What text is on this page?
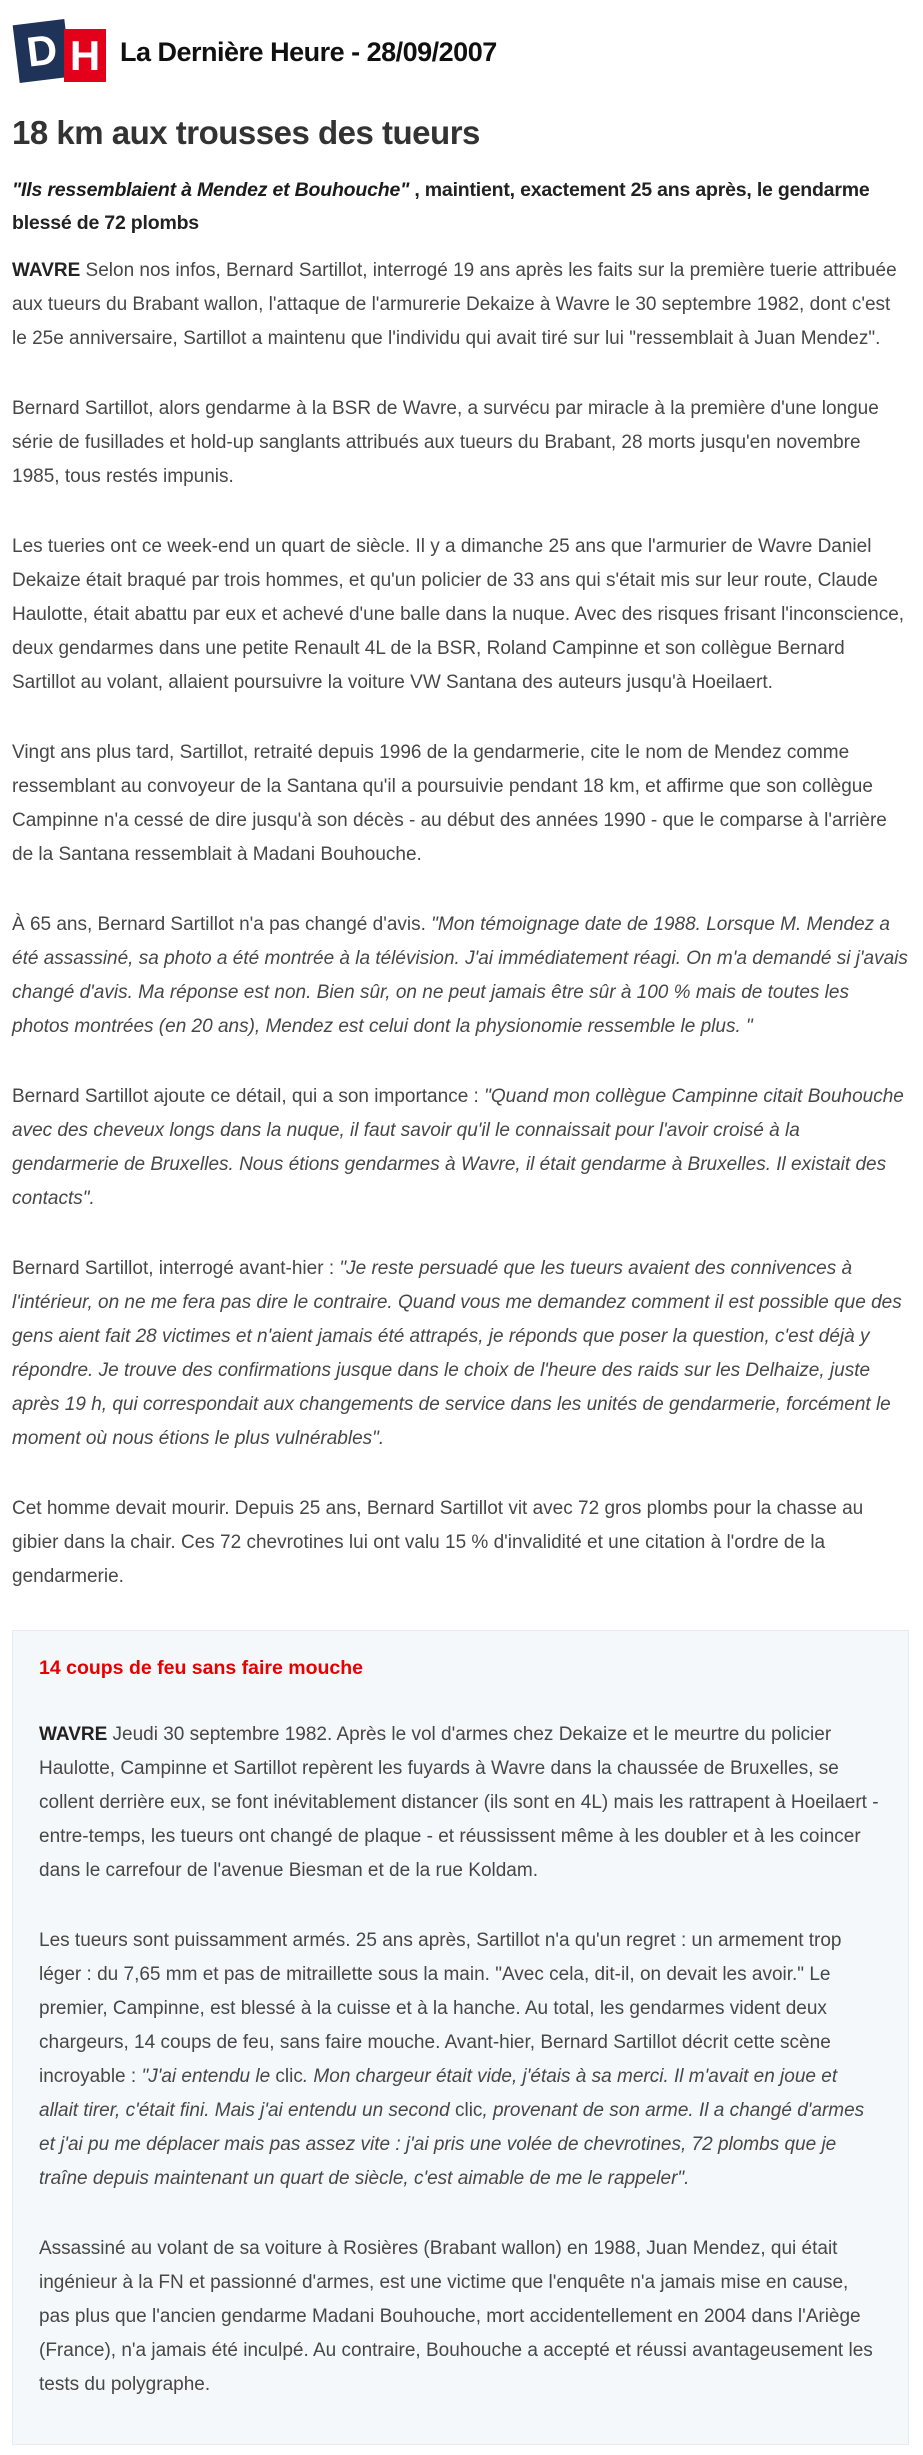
D H La Dernière Heure - 28/09/2007
18 km aux trousses des tueurs

"Ils ressemblaient à Mendez et Bouhouche" , maintient, exactement 25 ans après, le gendarme blessé de 72 plombs

WAVRE Selon nos infos, Bernard Sartillot, interrogé 19 ans après les faits sur la première tuerie attribuée aux tueurs du Brabant wallon, l'attaque de l'armurerie Dekaize à Wavre le 30 septembre 1982, dont c'est le 25e anniversaire, Sartillot a maintenu que l'individu qui avait tiré sur lui "ressemblait à Juan Mendez".

Bernard Sartillot, alors gendarme à la BSR de Wavre, a survécu par miracle à la première d'une longue série de fusillades et hold-up sanglants attribués aux tueurs du Brabant, 28 morts jusqu'en novembre 1985, tous restés impunis.

Les tueries ont ce week-end un quart de siècle. Il y a dimanche 25 ans que l'armurier de Wavre Daniel Dekaize était braqué par trois hommes, et qu'un policier de 33 ans qui s'était mis sur leur route, Claude Haulotte, était abattu par eux et achevé d'une balle dans la nuque. Avec des risques frisant l'inconscience, deux gendarmes dans une petite Renault 4L de la BSR, Roland Campinne et son collègue Bernard Sartillot au volant, allaient poursuivre la voiture VW Santana des auteurs jusqu'à Hoeilaert.

Vingt ans plus tard, Sartillot, retraité depuis 1996 de la gendarmerie, cite le nom de Mendez comme ressemblant au convoyeur de la Santana qu'il a poursuivie pendant 18 km, et affirme que son collègue Campinne n'a cessé de dire jusqu'à son décès - au début des années 1990 - que le comparse à l'arrière de la Santana ressemblait à Madani Bouhouche.

À 65 ans, Bernard Sartillot n'a pas changé d'avis. "Mon témoignage date de 1988. Lorsque M. Mendez a été assassiné, sa photo a été montrée à la télévision. J'ai immédiatement réagi. On m'a demandé si j'avais changé d'avis. Ma réponse est non. Bien sûr, on ne peut jamais être sûr à 100 % mais de toutes les photos montrées (en 20 ans), Mendez est celui dont la physionomie ressemble le plus. "

Bernard Sartillot ajoute ce détail, qui a son importance : "Quand mon collègue Campinne citait Bouhouche avec des cheveux longs dans la nuque, il faut savoir qu'il le connaissait pour l'avoir croisé à la gendarmerie de Bruxelles. Nous étions gendarmes à Wavre, il était gendarme à Bruxelles. Il existait des contacts".

Bernard Sartillot, interrogé avant-hier : "Je reste persuadé que les tueurs avaient des connivences à l'intérieur, on ne me fera pas dire le contraire. Quand vous me demandez comment il est possible que des gens aient fait 28 victimes et n'aient jamais été attrapés, je réponds que poser la question, c'est déjà y répondre. Je trouve des confirmations jusque dans le choix de l'heure des raids sur les Delhaize, juste après 19 h, qui correspondait aux changements de service dans les unités de gendarmerie, forcément le moment où nous étions le plus vulnérables".

Cet homme devait mourir. Depuis 25 ans, Bernard Sartillot vit avec 72 gros plombs pour la chasse au gibier dans la chair. Ces 72 chevrotines lui ont valu 15 % d'invalidité et une citation à l'ordre de la gendarmerie.

14 coups de feu sans faire mouche

WAVRE Jeudi 30 septembre 1982. Après le vol d'armes chez Dekaize et le meurtre du policier Haulotte, Campinne et Sartillot repèrent les fuyards à Wavre dans la chaussée de Bruxelles, se collent derrière eux, se font inévitablement distancer (ils sont en 4L) mais les rattrapent à Hoeilaert - entre-temps, les tueurs ont changé de plaque - et réussissent même à les doubler et à les coincer dans le carrefour de l'avenue Biesman et de la rue Koldam.

Les tueurs sont puissamment armés. 25 ans après, Sartillot n'a qu'un regret : un armement trop léger : du 7,65 mm et pas de mitraillette sous la main. "Avec cela, dit-il, on devait les avoir." Le premier, Campinne, est blessé à la cuisse et à la hanche. Au total, les gendarmes vident deux chargeurs, 14 coups de feu, sans faire mouche. Avant-hier, Bernard Sartillot décrit cette scène incroyable : "J'ai entendu le clic. Mon chargeur était vide, j'étais à sa merci. Il m'avait en joue et allait tirer, c'était fini. Mais j'ai entendu un second clic, provenant de son arme. Il a changé d'armes et j'ai pu me déplacer mais pas assez vite : j'ai pris une volée de chevrotines, 72 plombs que je traîne depuis maintenant un quart de siècle, c'est aimable de me le rappeler".

Assassiné au volant de sa voiture à Rosières (Brabant wallon) en 1988, Juan Mendez, qui était ingénieur à la FN et passionné d'armes, est une victime que l'enquête n'a jamais mise en cause, pas plus que l'ancien gendarme Madani Bouhouche, mort accidentellement en 2004 dans l'Ariège (France), n'a jamais été inculpé. Au contraire, Bouhouche a accepté et réussi avantageusement les tests du polygraphe.
